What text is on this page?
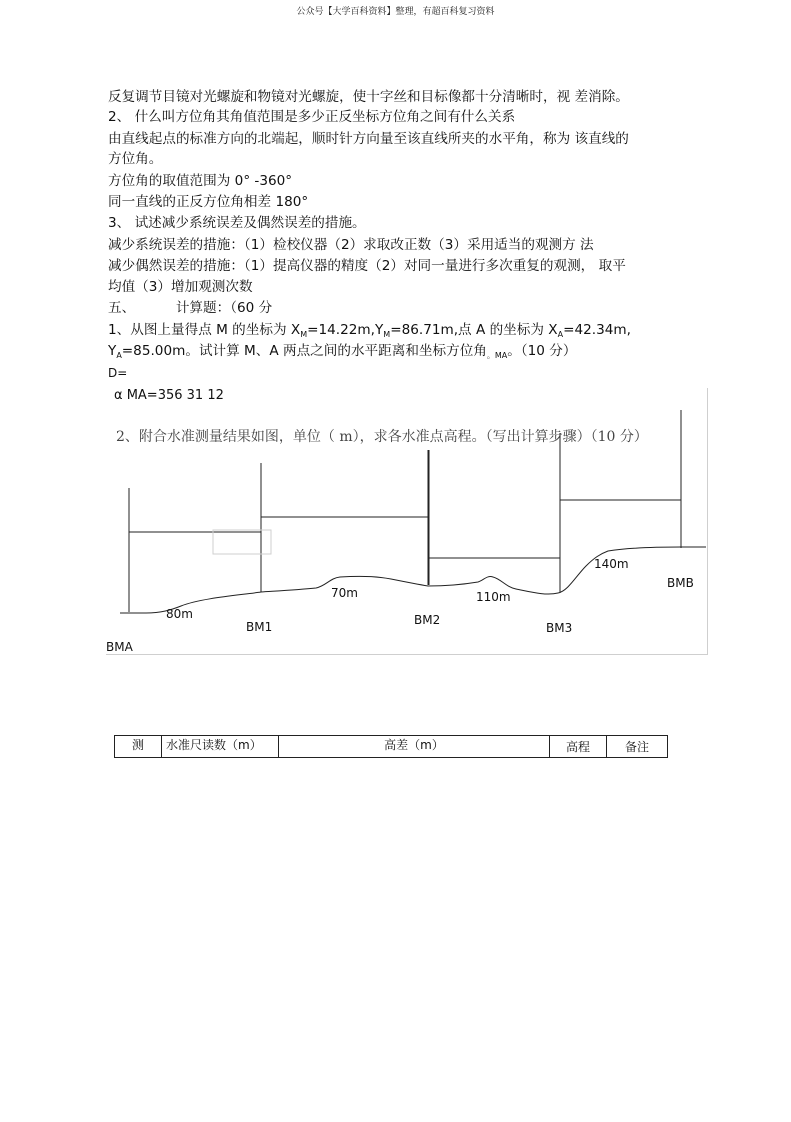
公众号【大学百科资料】整理，有超百科复习资料
反复调节目镜对光螺旋和物镜对光螺旋，使十字丝和目标像都十分清晰时，视 差消除。
2、 什么叫方位角其角值范围是多少正反坐标方位角之间有什么关系
由直线起点的标准方向的北端起，顺时针方向量至该直线所夹的水平角，称为 该直线的
方位角。
方位角的取值范围为 0° -360°
同一直线的正反方位角相差 180°
3、 试述减少系统误差及偶然误差的措施。
减少系统误差的措施：（1）检校仪器（2）求取改正数（3）采用适当的观测方 法
减少偶然误差的措施：（1）提高仪器的精度（2）对同一量进行多次重复的观测， 取平
均值（3）增加观测次数
五、	计算题：（60 分
1、从图上量得点 M 的坐标为 $X_M=14.22m,Y_M=86.71m$,点 A 的坐标为 $X_A=42.34m$,
$Y_A=85.00m$。试计算 M、A 两点之间的水平距离和坐标方位角$_{。MA}$。（10 分）
D=
α MA=356 31 12
2、附合水准测量结果如图，单位（ m），求各水准点高程。（写出计算步骤）（10 分）
80m
70m	110m
140m
BM1	BM2
BM3
BMB
BMA
测	水准尺读数（m）	高差（m）	高程	备注
